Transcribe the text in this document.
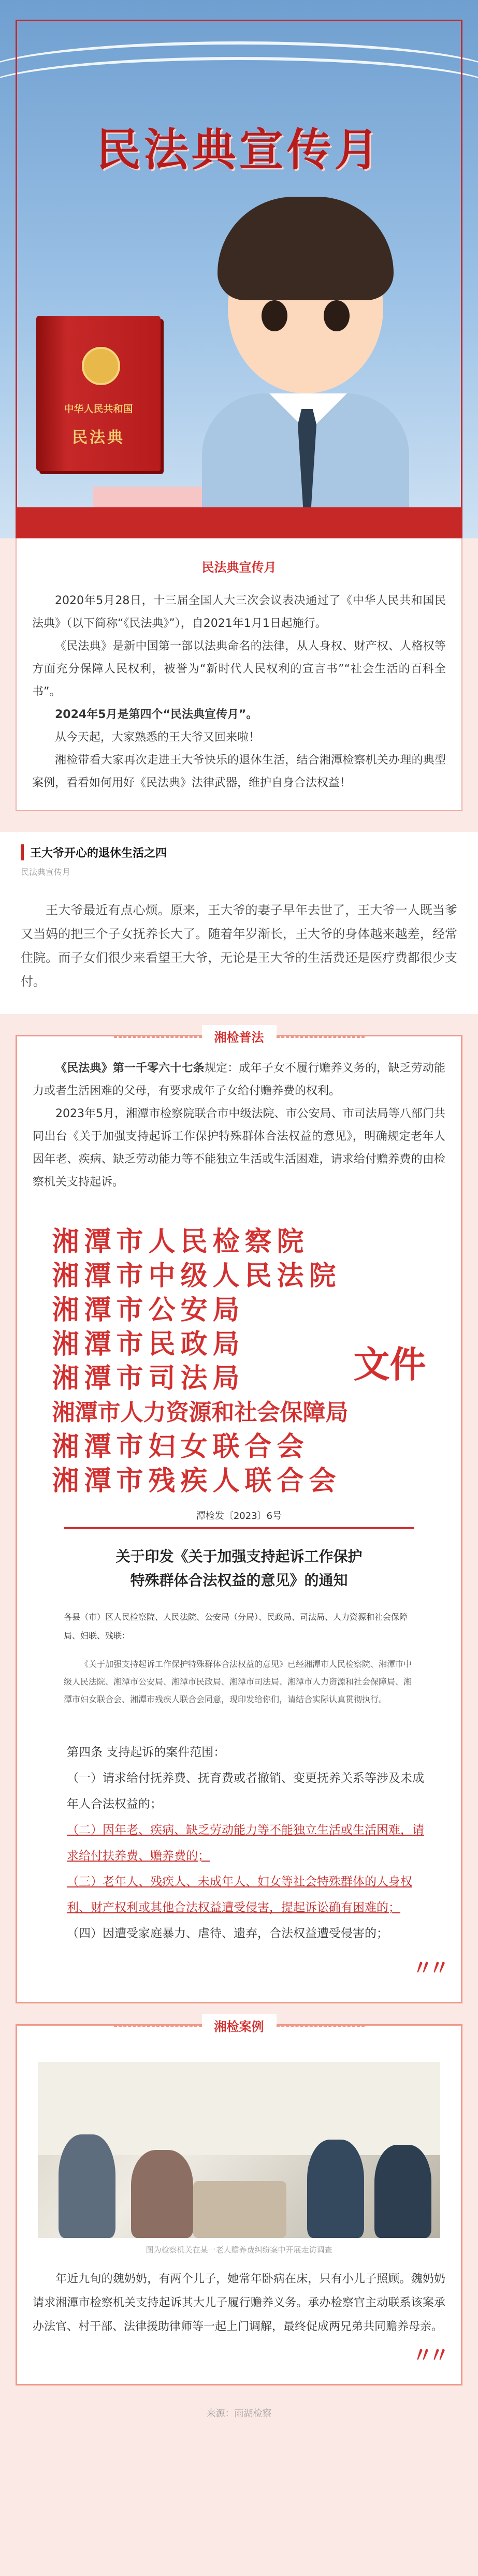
民法典宣传月
中华人民共和国
民法典
民法典宣传月

2020年5月28日，十三届全国人大三次会议表决通过了《中华人民共和国民法典》（以下简称“《民法典》”），自2021年1月1日起施行。

《民法典》是新中国第一部以法典命名的法律，从人身权、财产权、人格权等方面充分保障人民权利，被誉为“新时代人民权利的宣言书”“社会生活的百科全书”。

2024年5月是第四个“民法典宣传月”。

从今天起，大家熟悉的王大爷又回来啦！

湘检带看大家再次走进王大爷快乐的退休生活，结合湘潭检察机关办理的典型案例，看看如何用好《民法典》法律武器，维护自身合法权益！

王大爷开心的退休生活之四
民法典宣传月

王大爷最近有点心烦。原来，王大爷的妻子早年去世了，王大爷一人既当爹又当妈的把三个子女抚养长大了。随着年岁渐长，王大爷的身体越来越差，经常住院。而子女们很少来看望王大爷，无论是王大爷的生活费还是医疗费都很少支付。

湘检普法

《民法典》第一千零六十七条规定：成年子女不履行赡养义务的，缺乏劳动能力或者生活困难的父母，有要求成年子女给付赡养费的权利。

2023年5月，湘潭市检察院联合市中级法院、市公安局、市司法局等八部门共同出台《关于加强支持起诉工作保护特殊群体合法权益的意见》，明确规定老年人因年老、疾病、缺乏劳动能力等不能独立生活或生活困难，请求给付赡养费的由检察机关支持起诉。

湘潭市人民检察院
湘潭市中级人民法院
湘潭市公安局
湘潭市民政局
湘潭市司法局
湘潭市人力资源和社会保障局
湘潭市妇女联合会
湘潭市残疾人联合会
文件
潭检发〔2023〕6号
关于印发《关于加强支持起诉工作保护
特殊群体合法权益的意见》的通知
各县（市）区人民检察院、人民法院、公安局（分局）、民政局、司法局、人力资源和社会保障局、妇联、残联：
《关于加强支持起诉工作保护特殊群体合法权益的意见》已经湘潭市人民检察院、湘潭市中级人民法院、湘潭市公安局、湘潭市民政局、湘潭市司法局、湘潭市人力资源和社会保障局、湘潭市妇女联合会、湘潭市残疾人联合会同意，现印发给你们，请结合实际认真贯彻执行。

第四条 支持起诉的案件范围：

（一）请求给付抚养费、抚育费或者撤销、变更抚养关系等涉及未成年人合法权益的；

（二）因年老、疾病、缺乏劳动能力等不能独立生活或生活困难，请求给付扶养费、赡养费的；

（三）老年人、残疾人、未成年人、妇女等社会特殊群体的人身权利、财产权利或其他合法权益遭受侵害，提起诉讼确有困难的；

（四）因遭受家庭暴力、虐待、遗弃，合法权益遭受侵害的；

〃〃
湘检案例
图为检察机关在某一老人赡养费纠纷案中开展走访调查

年近九旬的魏奶奶，有两个儿子，她常年卧病在床，只有小儿子照顾。魏奶奶请求湘潭市检察机关支持起诉其大儿子履行赡养义务。承办检察官主动联系该案承办法官、村干部、法律援助律师等一起上门调解，最终促成两兄弟共同赡养母亲。

〃〃
来源：雨湖检察
